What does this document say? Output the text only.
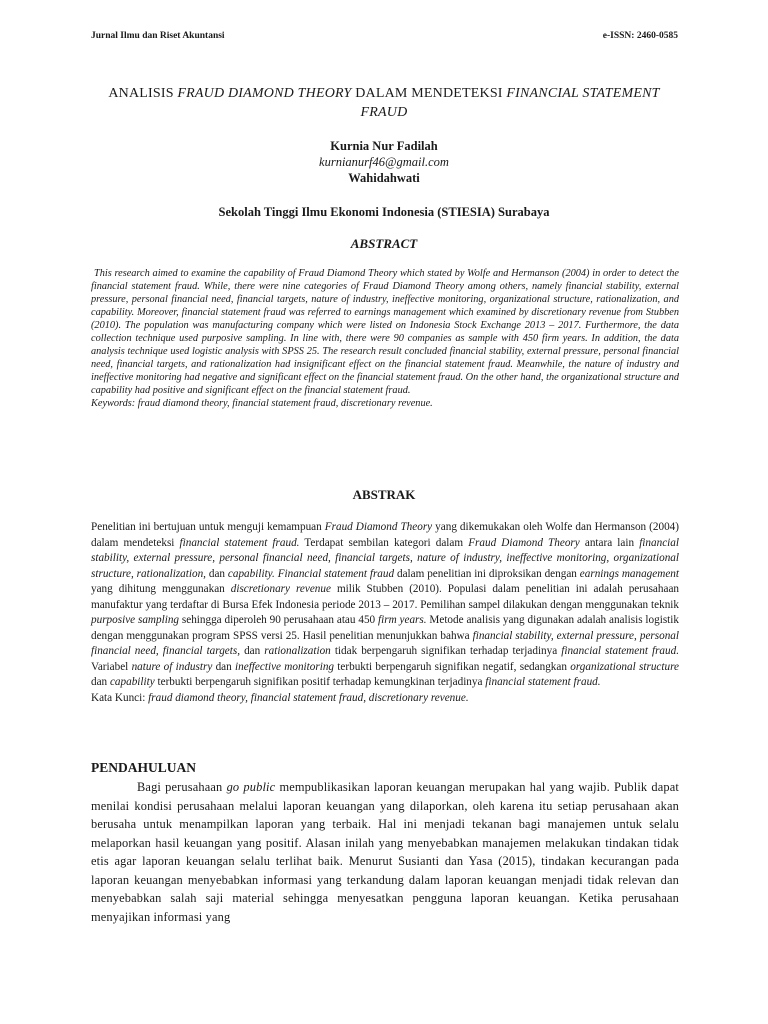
Jurnal Ilmu dan Riset Akuntansi	e-ISSN: 2460-0585
ANALISIS FRAUD DIAMOND THEORY DALAM MENDETEKSI FINANCIAL STATEMENT FRAUD
Kurnia Nur Fadilah
kurnianurf46@gmail.com
Wahidahwati
Sekolah Tinggi Ilmu Ekonomi Indonesia (STIESIA) Surabaya
ABSTRACT
This research aimed to examine the capability of Fraud Diamond Theory which stated by Wolfe and Hermanson (2004) in order to detect the financial statement fraud. While, there were nine categories of Fraud Diamond Theory among others, namely financial stability, external pressure, personal financial need, financial targets, nature of industry, ineffective monitoring, organizational structure, rationalization, and capability. Moreover, financial statement fraud was referred to earnings management which examined by discretionary revenue from Stubben (2010). The population was manufacturing company which were listed on Indonesia Stock Exchange 2013 – 2017. Furthermore, the data collection technique used purposive sampling. In line with, there were 90 companies as sample with 450 firm years. In addition, the data analysis technique used logistic analysis with SPSS 25. The research result concluded financial stability, external pressure, personal financial need, financial targets, and rationalization had insignificant effect on the financial statement fraud. Meanwhile, the nature of industry and ineffective monitoring had negative and significant effect on the financial statement fraud. On the other hand, the organizational structure and capability had positive and significant effect on the financial statement fraud.
Keywords: fraud diamond theory, financial statement fraud, discretionary revenue.
ABSTRAK
Penelitian ini bertujuan untuk menguji kemampuan Fraud Diamond Theory yang dikemukakan oleh Wolfe dan Hermanson (2004) dalam mendeteksi financial statement fraud. Terdapat sembilan kategori dalam Fraud Diamond Theory antara lain financial stability, external pressure, personal financial need, financial targets, nature of industry, ineffective monitoring, organizational structure, rationalization, dan capability. Financial statement fraud dalam penelitian ini diproksikan dengan earnings management yang dihitung menggunakan discretionary revenue milik Stubben (2010). Populasi dalam penelitian ini adalah perusahaan manufaktur yang terdaftar di Bursa Efek Indonesia periode 2013 – 2017. Pemilihan sampel dilakukan dengan menggunakan teknik purposive sampling sehingga diperoleh 90 perusahaan atau 450 firm years. Metode analisis yang digunakan adalah analisis logistik dengan menggunakan program SPSS versi 25. Hasil penelitian menunjukkan bahwa financial stability, external pressure, personal financial need, financial targets, dan rationalization tidak berpengaruh signifikan terhadap terjadinya financial statement fraud. Variabel nature of industry dan ineffective monitoring terbukti berpengaruh signifikan negatif, sedangkan organizational structure dan capability terbukti berpengaruh signifikan positif terhadap kemungkinan terjadinya financial statement fraud.
Kata Kunci: fraud diamond theory, financial statement fraud, discretionary revenue.
PENDAHULUAN
Bagi perusahaan go public mempublikasikan laporan keuangan merupakan hal yang wajib. Publik dapat menilai kondisi perusahaan melalui laporan keuangan yang dilaporkan, oleh karena itu setiap perusahaan akan berusaha untuk menampilkan laporan yang terbaik. Hal ini menjadi tekanan bagi manajemen untuk selalu melaporkan hasil keuangan yang positif. Alasan inilah yang menyebabkan manajemen melakukan tindakan tidak etis agar laporan keuangan selalu terlihat baik. Menurut Susianti dan Yasa (2015), tindakan kecurangan pada laporan keuangan menyebabkan informasi yang terkandung dalam laporan keuangan menjadi tidak relevan dan menyebabkan salah saji material sehingga menyesatkan pengguna laporan keuangan. Ketika perusahaan menyajikan informasi yang
